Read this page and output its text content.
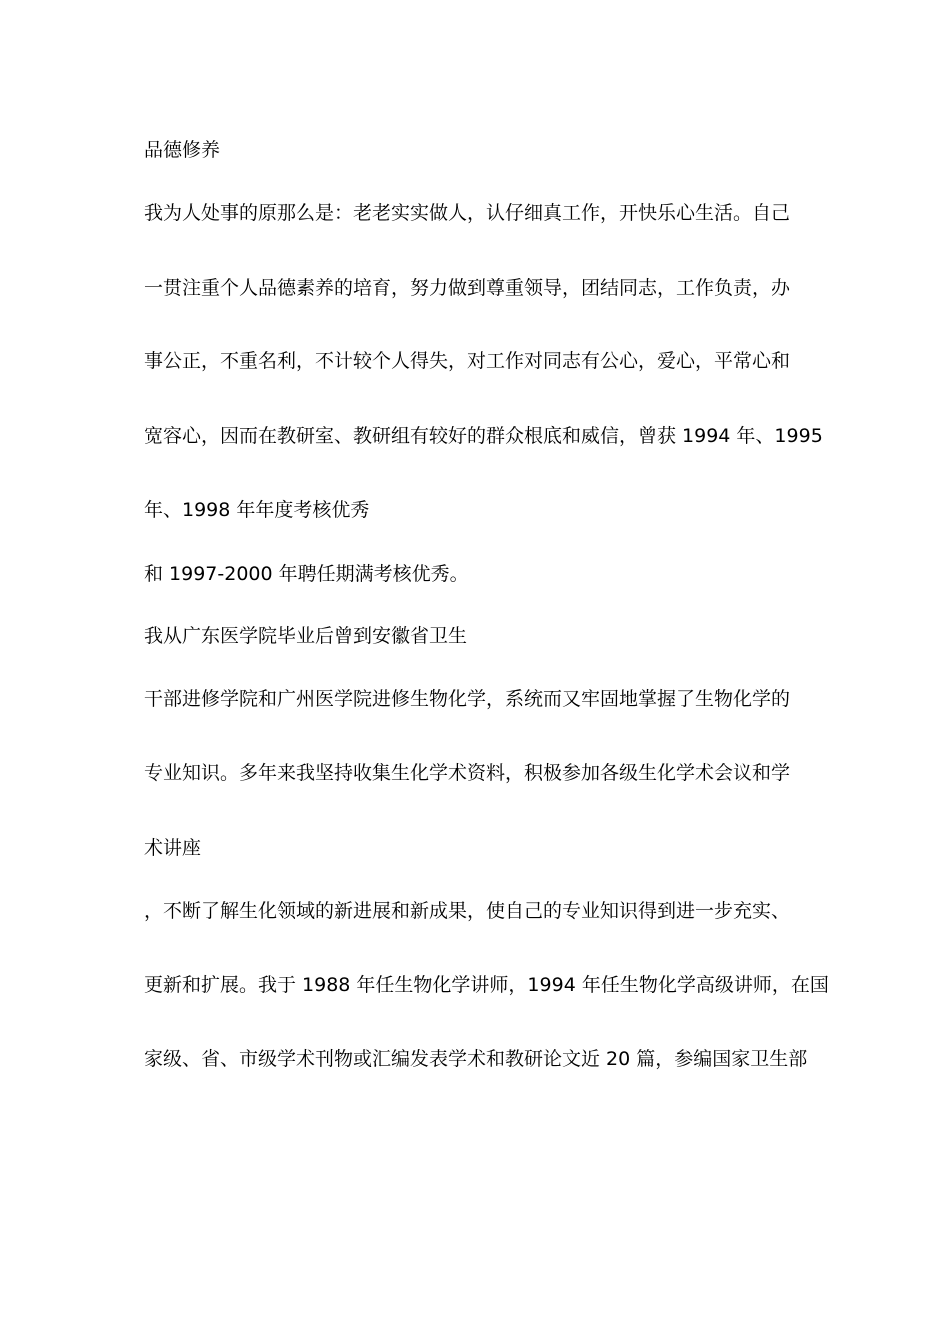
品德修养
我为人处事的原那么是：老老实实做人，认仔细真工作，开快乐心生活。自己
一贯注重个人品德素养的培育，努力做到尊重领导，团结同志，工作负责，办
事公正，不重名利，不计较个人得失，对工作对同志有公心，爱心，平常心和
宽容心，因而在教研室、教研组有较好的群众根底和威信，曾获 1994 年、1995
年、1998 年年度考核优秀
和 1997-2000 年聘任期满考核优秀。
我从广东医学院毕业后曾到安徽省卫生
干部进修学院和广州医学院进修生物化学，系统而又牢固地掌握了生物化学的
专业知识。多年来我坚持收集生化学术资料，积极参加各级生化学术会议和学
术讲座
，不断了解生化领域的新进展和新成果，使自己的专业知识得到进一步充实、
更新和扩展。我于 1988 年任生物化学讲师，1994 年任生物化学高级讲师，在国
家级、省、市级学术刊物或汇编发表学术和教研论文近 20 篇，参编国家卫生部
